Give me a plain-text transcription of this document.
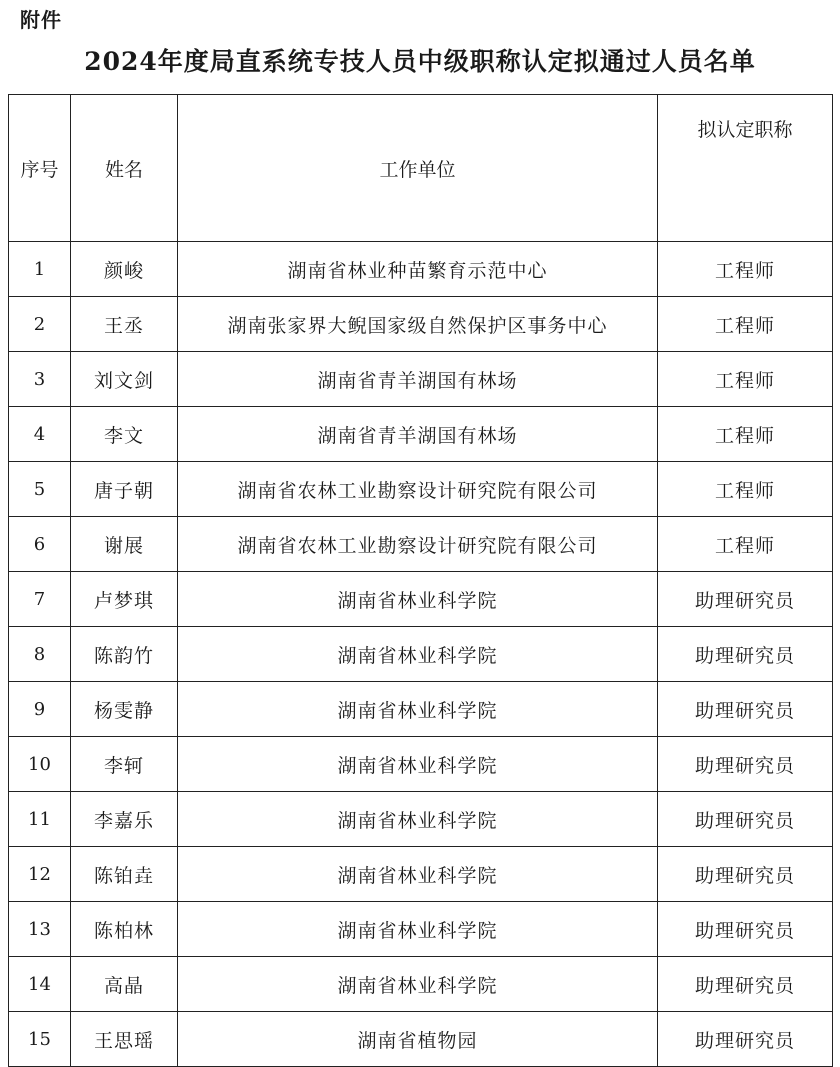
附件
2024年度局直系统专技人员中级职称认定拟通过人员名单
序号	姓名	工作单位	拟认定职称
1	颜峻	湖南省林业种苗繁育示范中心	工程师
2	王丞	湖南张家界大鲵国家级自然保护区事务中心	工程师
3	刘文剑	湖南省青羊湖国有林场	工程师
4	李文	湖南省青羊湖国有林场	工程师
5	唐子朝	湖南省农林工业勘察设计研究院有限公司	工程师
6	谢展	湖南省农林工业勘察设计研究院有限公司	工程师
7	卢梦琪	湖南省林业科学院	助理研究员
8	陈韵竹	湖南省林业科学院	助理研究员
9	杨雯静	湖南省林业科学院	助理研究员
10	李轲	湖南省林业科学院	助理研究员
11	李嘉乐	湖南省林业科学院	助理研究员
12	陈铂垚	湖南省林业科学院	助理研究员
13	陈柏林	湖南省林业科学院	助理研究员
14	高晶	湖南省林业科学院	助理研究员
15	王思瑶	湖南省植物园	助理研究员
